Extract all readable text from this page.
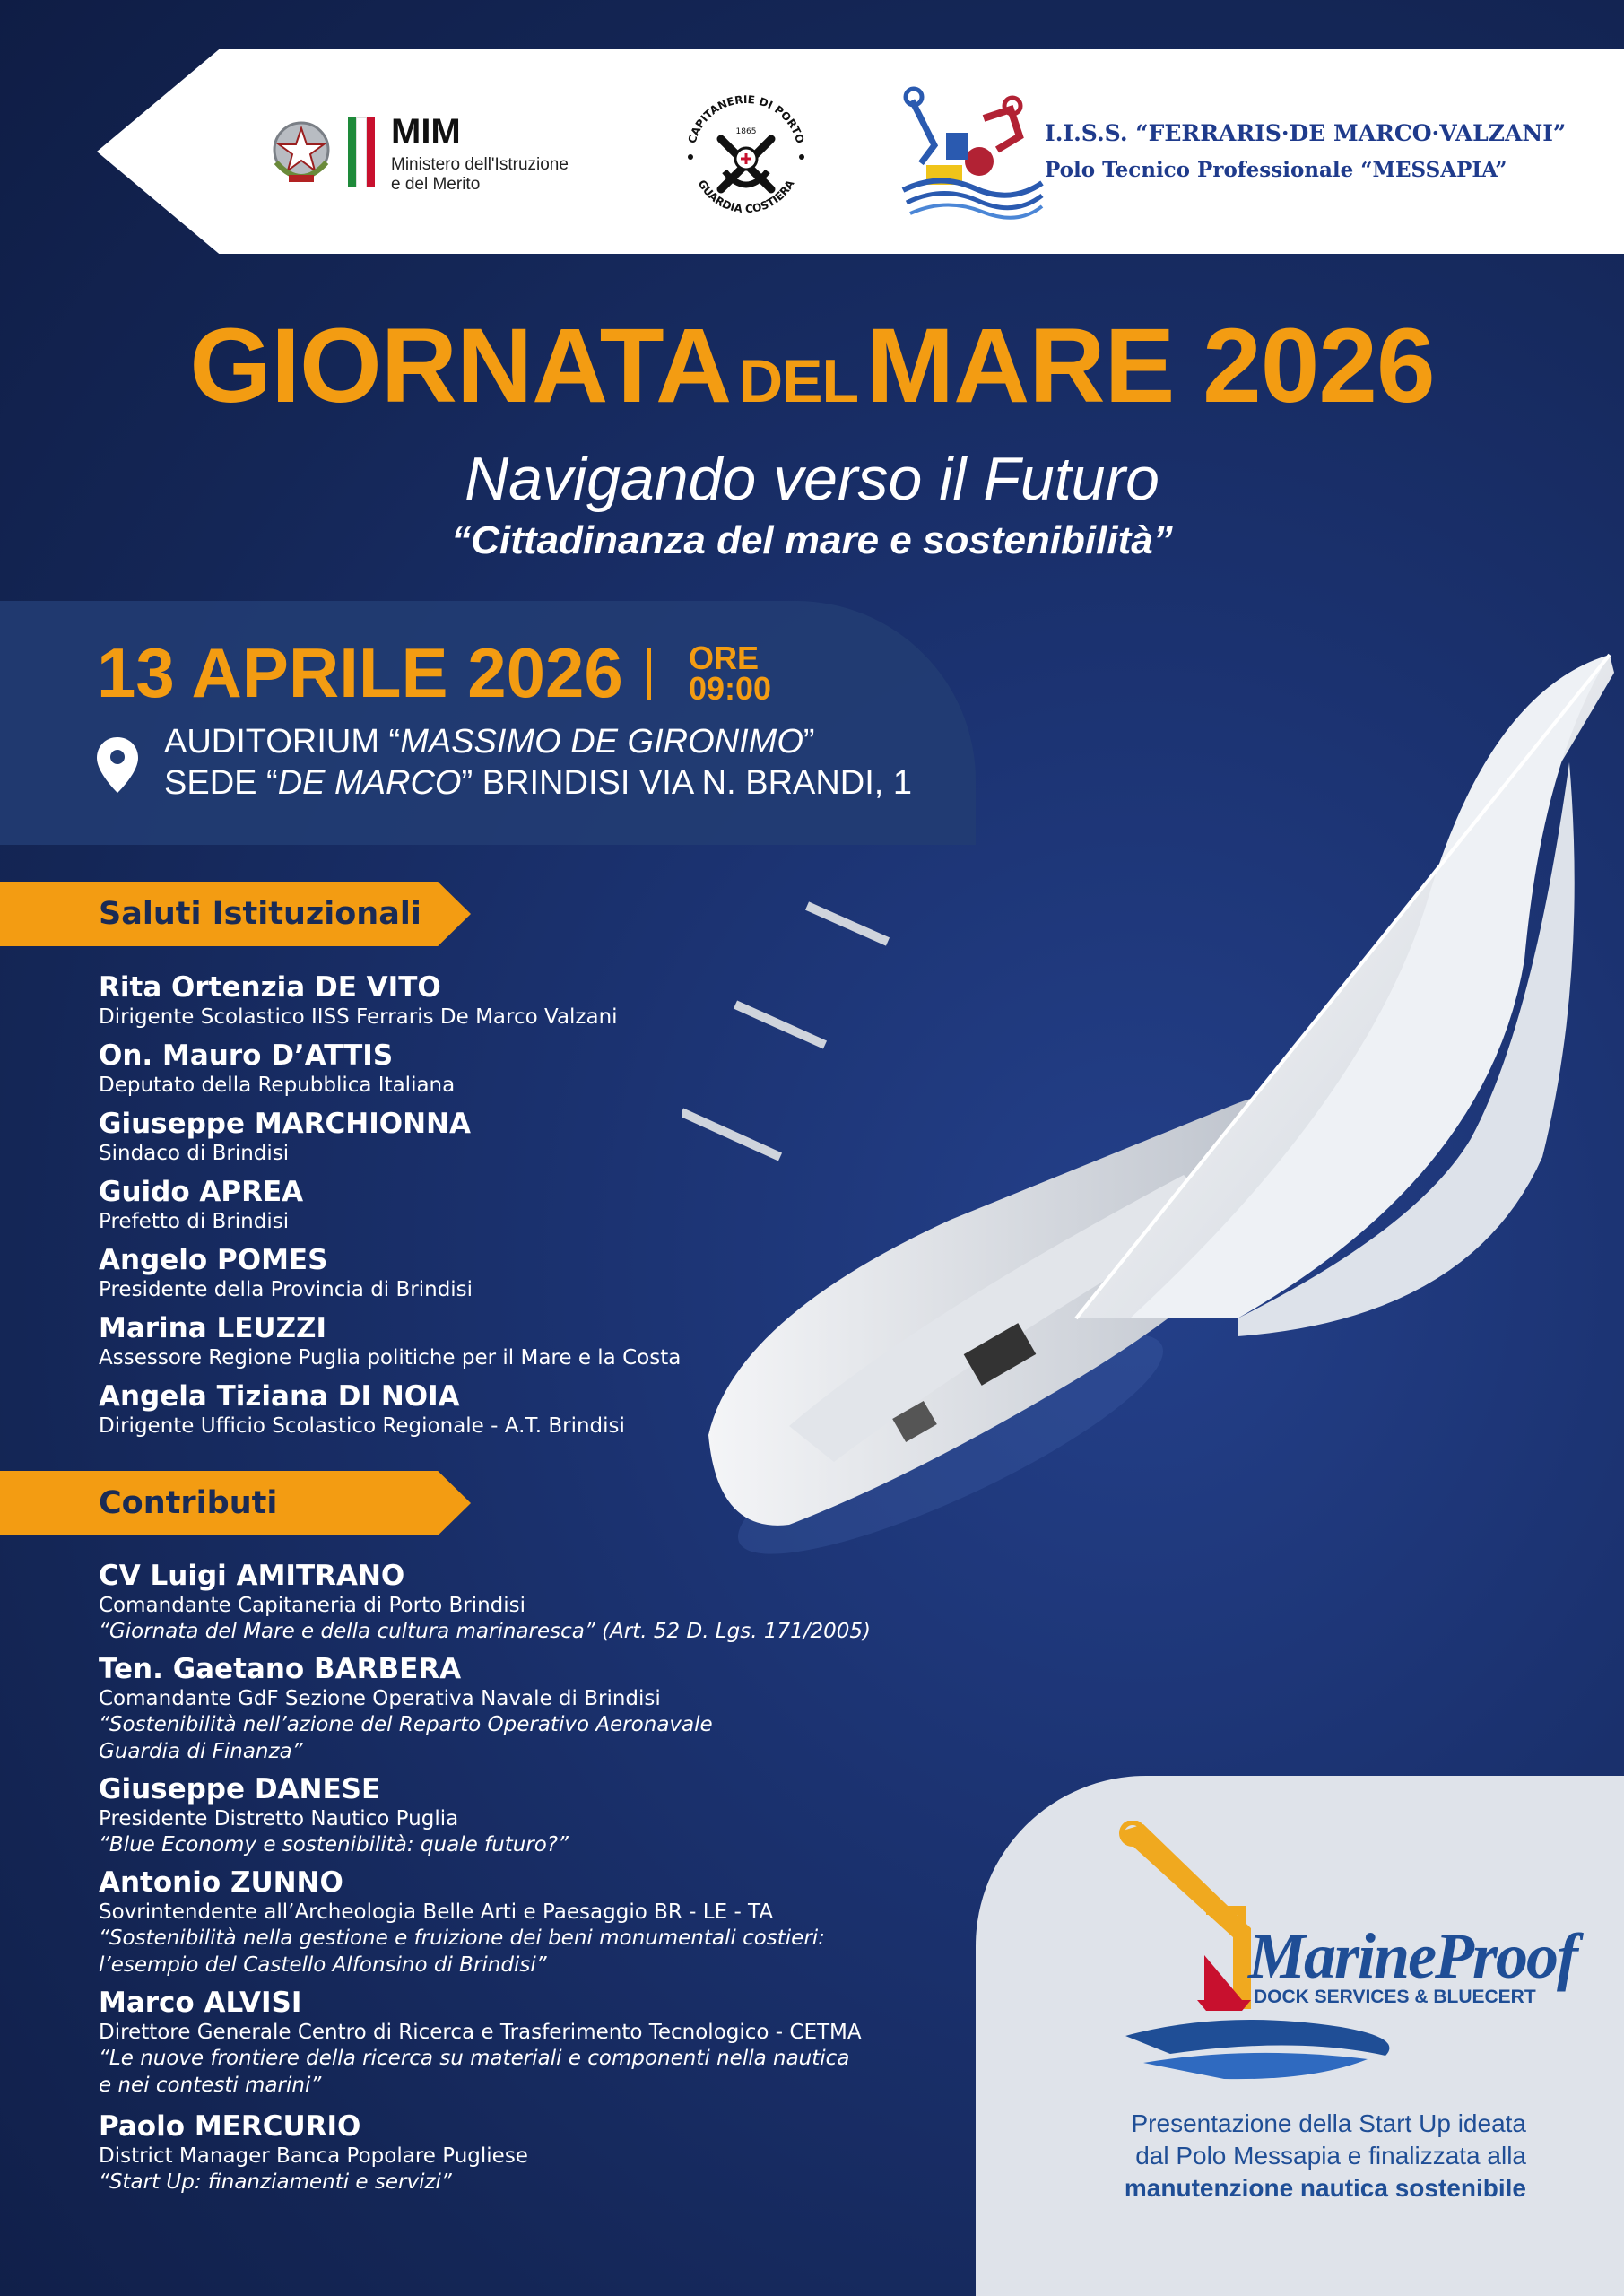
MIM
Ministero dell'Istruzione
e del Merito
CAPITANERIE DI PORTO
GUARDIA COSTIERA
1865	I.I.S.S. “FERRARIS·DE MARCO·VALZANI”
Polo Tecnico Professionale “MESSAPIA”
GIORNATA  DEL MARE 2026
Navigando verso il Futuro
“Cittadinanza del mare e sostenibilità”
13 APRILE 2026 ORE
09:00
AUDITORIUM “MASSIMO DE GIRONIMO”
SEDE “DE MARCO” BRINDISI VIA N. BRANDI, 1
Saluti Istituzionali
Rita Ortenzia DE VITO
Dirigente Scolastico IISS Ferraris De Marco Valzani
On. Mauro D’ATTIS
Deputato della Repubblica Italiana
Giuseppe MARCHIONNA
Sindaco di Brindisi
Guido APREA
Prefetto di Brindisi
Angelo POMES
Presidente della Provincia di Brindisi
Marina LEUZZI
Assessore Regione Puglia politiche per il Mare e la Costa
Angela Tiziana DI NOIA
Dirigente Ufficio Scolastico Regionale - A.T. Brindisi
Contributi
CV Luigi AMITRANO
Comandante Capitaneria di Porto Brindisi
“Giornata del Mare e della cultura marinaresca” (Art. 52 D. Lgs. 171/2005)
Ten. Gaetano BARBERA
Comandante GdF Sezione Operativa Navale di Brindisi
“Sostenibilità nell’azione del Reparto Operativo Aeronavale
Guardia di Finanza”
Giuseppe DANESE
Presidente Distretto Nautico Puglia
“Blue Economy e sostenibilità: quale futuro?”
Antonio ZUNNO
Sovrintendente all’Archeologia Belle Arti e Paesaggio BR - LE - TA
“Sostenibilità nella gestione e fruizione dei beni monumentali costieri:
l’esempio del Castello Alfonsino di Brindisi”
Marco ALVISI
Direttore Generale Centro di Ricerca e Trasferimento Tecnologico - CETMA
“Le nuove frontiere della ricerca su materiali e componenti nella nautica
e nei contesti marini”
Paolo MERCURIO
District Manager Banca Popolare Pugliese
“Start Up: finanziamenti e servizi”
MarineProof
DOCK SERVICES & BLUECERT
Presentazione della Start Up ideata
dal Polo Messapia e finalizzata alla
manutenzione nautica sostenibile
